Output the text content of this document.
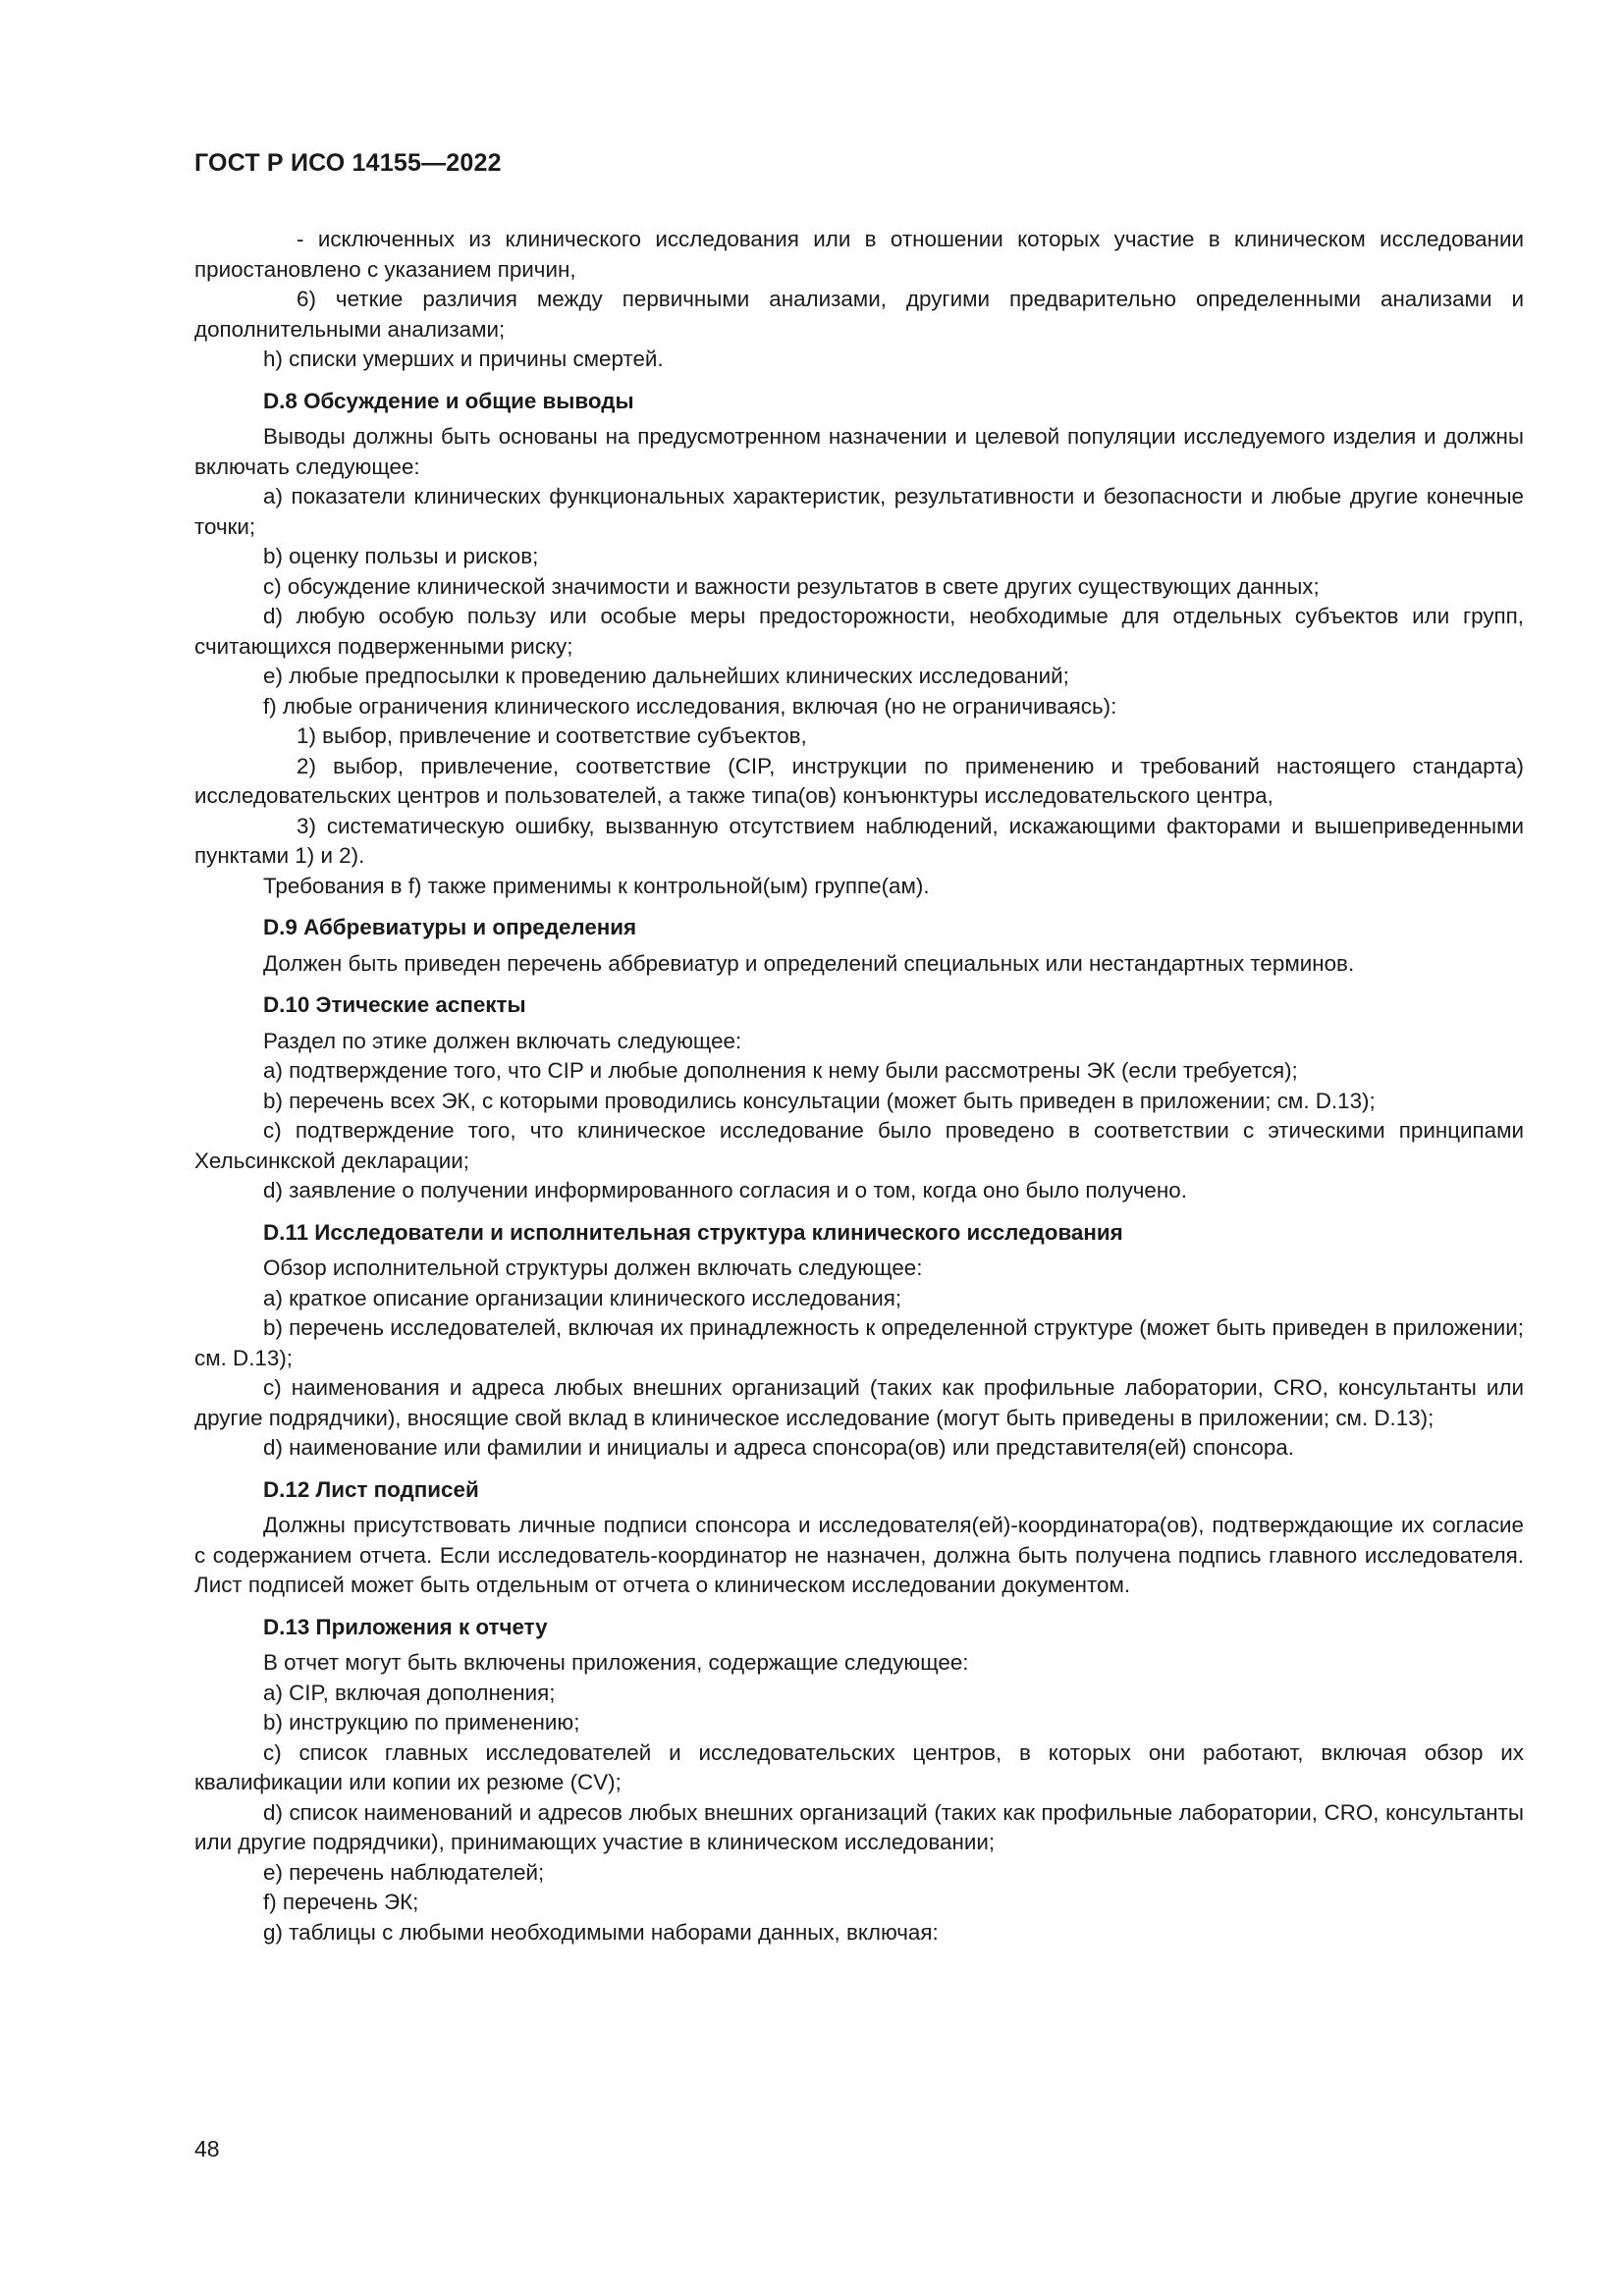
ГОСТ Р ИСО 14155—2022

- исключенных из клинического исследования или в отношении которых участие в клиническом исследовании приостановлено с указанием причин,

6) четкие различия между первичными анализами, другими предварительно определенными анализами и дополнительными анализами;

h) списки умерших и причины смертей.

D.8 Обсуждение и общие выводы

Выводы должны быть основаны на предусмотренном назначении и целевой популяции исследуемого изделия и должны включать следующее:

a) показатели клинических функциональных характеристик, результативности и безопасности и любые другие конечные точки;

b) оценку пользы и рисков;

c) обсуждение клинической значимости и важности результатов в свете других существующих данных;

d) любую особую пользу или особые меры предосторожности, необходимые для отдельных субъектов или групп, считающихся подверженными риску;

e) любые предпосылки к проведению дальнейших клинических исследований;

f) любые ограничения клинического исследования, включая (но не ограничиваясь):

1) выбор, привлечение и соответствие субъектов,

2) выбор, привлечение, соответствие (CIP, инструкции по применению и требований настоящего стандарта) исследовательских центров и пользователей, а также типа(ов) конъюнктуры исследовательского центра,

3) систематическую ошибку, вызванную отсутствием наблюдений, искажающими факторами и вышеприведенными пунктами 1) и 2).

Требования в f) также применимы к контрольной(ым) группе(ам).

D.9 Аббревиатуры и определения

Должен быть приведен перечень аббревиатур и определений специальных или нестандартных терминов.

D.10 Этические аспекты

Раздел по этике должен включать следующее:

a) подтверждение того, что CIP и любые дополнения к нему были рассмотрены ЭК (если требуется);

b) перечень всех ЭК, с которыми проводились консультации (может быть приведен в приложении; см. D.13);

c) подтверждение того, что клиническое исследование было проведено в соответствии с этическими принципами Хельсинкской декларации;

d) заявление о получении информированного согласия и о том, когда оно было получено.

D.11 Исследователи и исполнительная структура клинического исследования

Обзор исполнительной структуры должен включать следующее:

a) краткое описание организации клинического исследования;

b) перечень исследователей, включая их принадлежность к определенной структуре (может быть приведен в приложении; см. D.13);

c) наименования и адреса любых внешних организаций (таких как профильные лаборатории, CRO, консультанты или другие подрядчики), вносящие свой вклад в клиническое исследование (могут быть приведены в приложении; см. D.13);

d) наименование или фамилии и инициалы и адреса спонсора(ов) или представителя(ей) спонсора.

D.12 Лист подписей

Должны присутствовать личные подписи спонсора и исследователя(ей)-координатора(ов), подтверждающие их согласие с содержанием отчета. Если исследователь-координатор не назначен, должна быть получена подпись главного исследователя. Лист подписей может быть отдельным от отчета о клиническом исследовании документом.

D.13 Приложения к отчету

В отчет могут быть включены приложения, содержащие следующее:

a) CIP, включая дополнения;

b) инструкцию по применению;

c) список главных исследователей и исследовательских центров, в которых они работают, включая обзор их квалификации или копии их резюме (CV);

d) список наименований и адресов любых внешних организаций (таких как профильные лаборатории, CRO, консультанты или другие подрядчики), принимающих участие в клиническом исследовании;

e) перечень наблюдателей;

f) перечень ЭК;

g) таблицы с любыми необходимыми наборами данных, включая:

48
